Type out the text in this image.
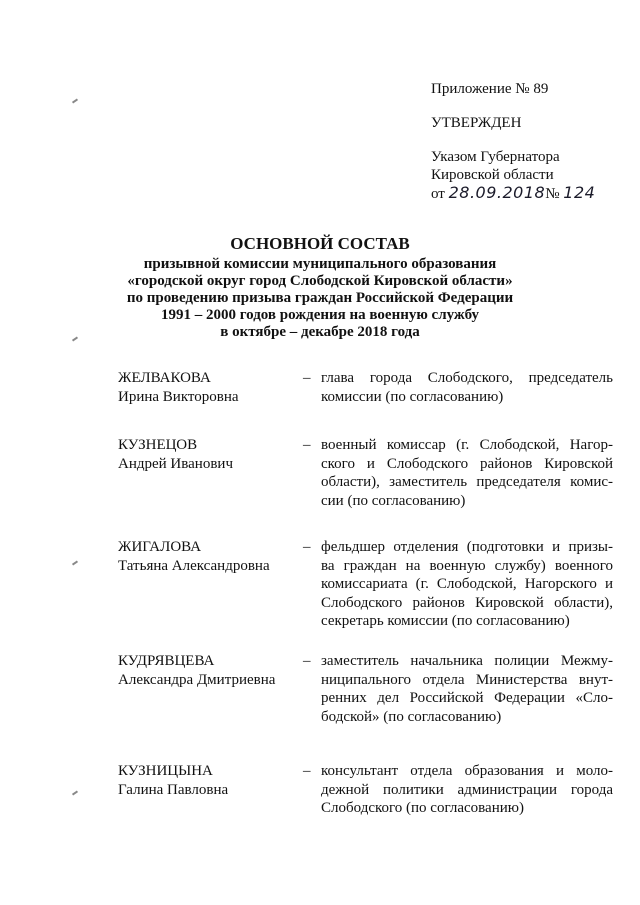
Приложение № 89
УТВЕРЖДЕН
Указом Губернатора
Кировской области
от 28.09.2018№ 124
ОСНОВНОЙ СОСТАВ
призывной комиссии муниципального образования
«городской округ город Слободской Кировской области»
по проведению призыва граждан Российской Федерации
1991 – 2000 годов рождения на военную службу
в октябре – декабре 2018 года
ЖЕЛВАКОВА
Ирина Викторовна
– глава города Слободского, председатель
комиссии (по согласованию)
КУЗНЕЦОВ
Андрей Иванович
– военный комиссар (г. Слободской, Нагор-
ского и Слободского районов Кировской
области), заместитель председателя комис-
сии (по согласованию)
ЖИГАЛОВА
Татьяна Александровна
– фельдшер отделения (подготовки и призы-
ва граждан на военную службу) военного
комиссариата (г. Слободской, Нагорского и
Слободского районов Кировской области),
секретарь комиссии (по согласованию)
КУДРЯВЦЕВА
Александра Дмитриевна
– заместитель начальника полиции Межму-
ниципального отдела Министерства внут-
ренних дел Российской Федерации «Сло-
бодской» (по согласованию)
КУЗНИЦЫНА
Галина Павловна
– консультант отдела образования и моло-
дежной политики администрации города
Слободского (по согласованию)
